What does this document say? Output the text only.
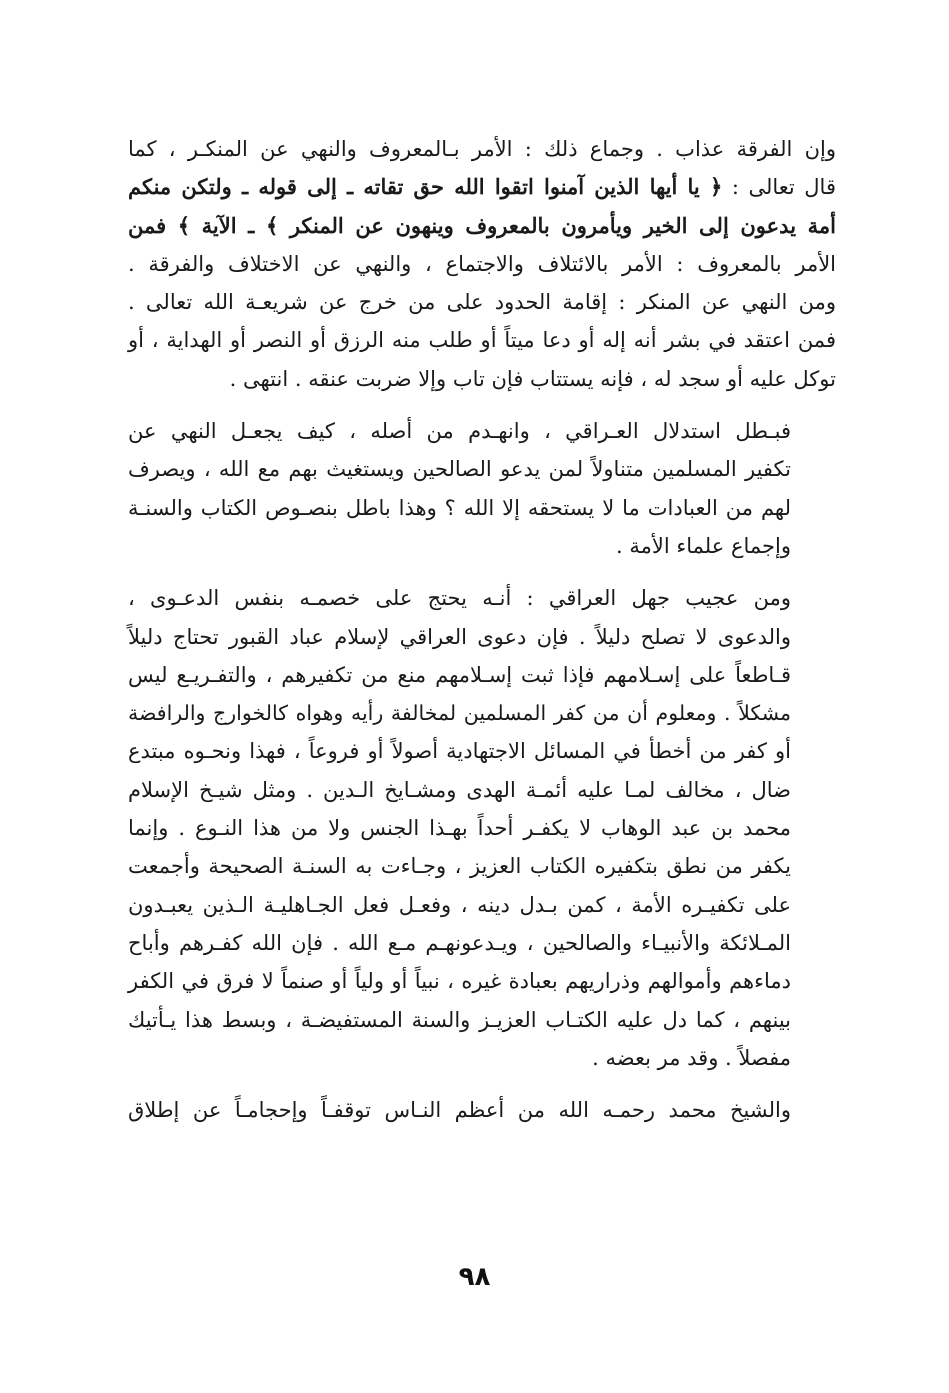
وإن الفرقة عذاب . وجماع ذلك : الأمر بـالمعروف والنهي عن المنكـر ، كما
قال تعالى : ﴿ يا أيها الذين آمنوا اتقوا الله حق تقاته ـ إلى قوله ـ ولتكن منكم
أمة يدعون إلى الخير ويأمرون بالمعروف وينهون عن المنكر ﴾ ـ الآية ﴾ فمن
الأمر بالمعروف : الأمر بالائتلاف والاجتماع ، والنهي عن الاختلاف والفرقة .
ومن النهي عن المنكر : إقامة الحدود على من خرج عن شريعـة الله تعالى .
فمن اعتقد في بشر أنه إله أو دعا ميتاً أو طلب منه الرزق أو النصر أو الهداية ، أو
توكل عليه أو سجد له ، فإنه يستتاب فإن تاب وإلا ضربت عنقه . انتهى .

فبـطل استدلال العـراقي ، وانهـدم من أصله ، كيف يجعـل النهي عن
تكفير المسلمين متناولاً لمن يدعو الصالحين ويستغيث بهم مع الله ، ويصرف
لهم من العبادات ما لا يستحقه إلا الله ؟ وهذا باطل بنصـوص الكتاب والسنـة
وإجماع علماء الأمة .

ومن عجيب جهل العراقي : أنـه يحتج على خصمـه بنفس الدعـوى ،
والدعوى لا تصلح دليلاً . فإن دعوى العراقي لإسلام عباد القبور تحتاج دليلاً
قـاطعاً على إسـلامهم فإذا ثبت إسـلامهم منع من تكفيرهم ، والتفـريـع ليس
مشكلاً . ومعلوم أن من كفر المسلمين لمخالفة رأيه وهواه كالخوارج والرافضة
أو كفر من أخطأ في المسائل الاجتهادية أصولاً أو فروعاً ، فهذا ونحـوه مبتدع
ضال ، مخالف لمـا عليه أئمـة الهدى ومشـايخ الـدين . ومثل شيـخ الإسلام
محمد بن عبد الوهاب لا يكفـر أحداً بهـذا الجنس ولا من هذا النـوع . وإنما
يكفر من نطق بتكفيره الكتاب العزيز ، وجـاءت به السنـة الصحيحة وأجمعت
على تكفيـره الأمة ، كمن بـدل دينه ، وفعـل فعل الجـاهليـة الـذين يعبـدون
المـلائكة والأنبيـاء والصالحين ، ويـدعونهـم مـع الله . فإن الله كفـرهم وأباح
دماءهم وأموالهم وذراريهم بعبادة غيره ، نبياً أو ولياً أو صنماً لا فرق في الكفر
بينهم ، كما دل عليه الكتـاب العزيـز والسنة المستفيضـة ، وبسط هذا يـأتيك
مفصلاً . وقد مر بعضه .

والشيخ محمد رحمـه الله من أعظم النـاس توقفـاً وإحجامـاً عن إطلاق

٩٨
